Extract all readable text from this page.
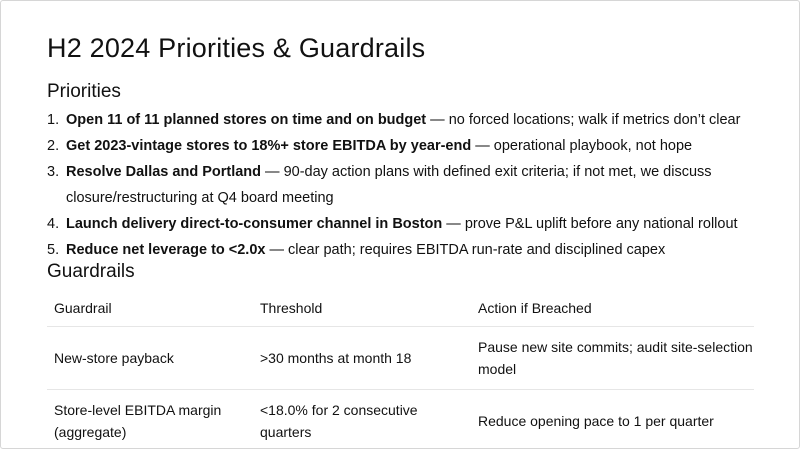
H2 2024 Priorities & Guardrails
Priorities
1. Open 11 of 11 planned stores on time and on budget — no forced locations; walk if metrics don’t clear
2. Get 2023-vintage stores to 18%+ store EBITDA by year-end — operational playbook, not hope
3. Resolve Dallas and Portland — 90-day action plans with defined exit criteria; if not met, we discuss closure/restructuring at Q4 board meeting
4. Launch delivery direct-to-consumer channel in Boston — prove P&L uplift before any national rollout
5. Reduce net leverage to <2.0x — clear path; requires EBITDA run-rate and disciplined capex
Guardrails
Guardrail	Threshold	Action if Breached
New-store payback	>30 months at month 18	Pause new site commits; audit site-selection model
Store-level EBITDA margin (aggregate)	<18.0% for 2 consecutive quarters	Reduce opening pace to 1 per quarter
